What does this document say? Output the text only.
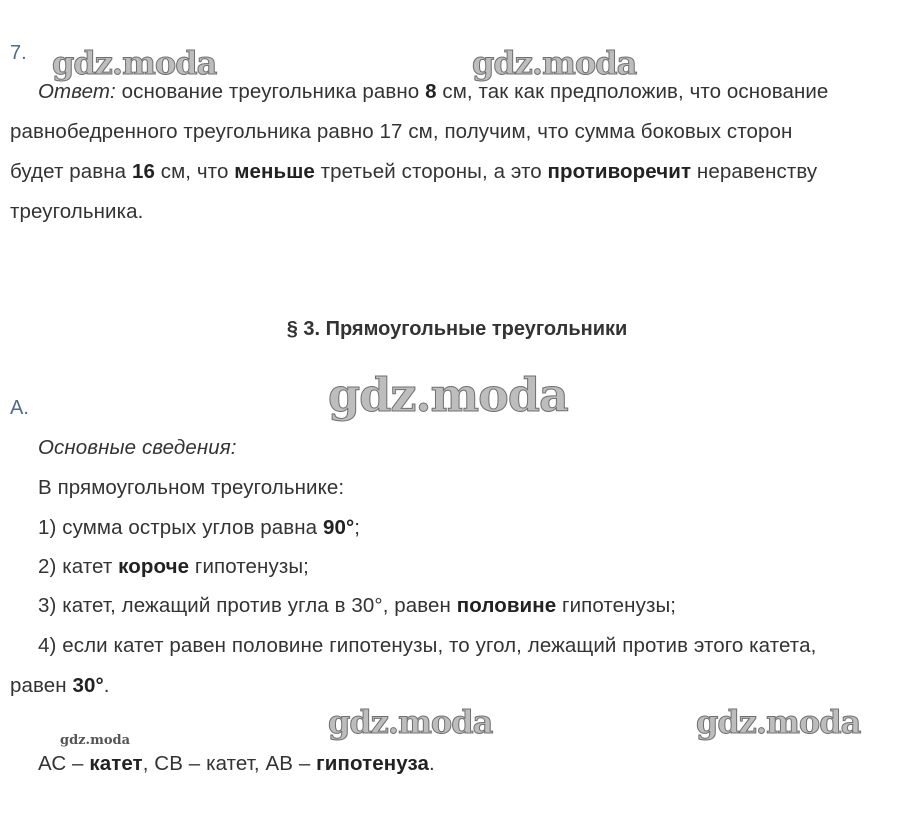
gdz.moda	gdz.moda
gdz.moda
gdz.moda	gdz.moda
gdz.moda
7.
Ответ: основание треугольника равно 8 см, так как предположив, что основание
равнобедренного треугольника равно 17 см, получим, что сумма боковых сторон
будет равна 16 см, что меньше третьей стороны, а это противоречит неравенству
треугольника.
§ 3. Прямоугольные треугольники
А.
Основные сведения:
В прямоугольном треугольнике:
1) сумма острых углов равна 90°;
2) катет короче гипотенузы;
3) катет, лежащий против угла в 30°, равен половине гипотенузы;
4) если катет равен половине гипотенузы, то угол, лежащий против этого катета,
равен 30°.
АС – катет, СВ – катет, АВ – гипотенуза.
